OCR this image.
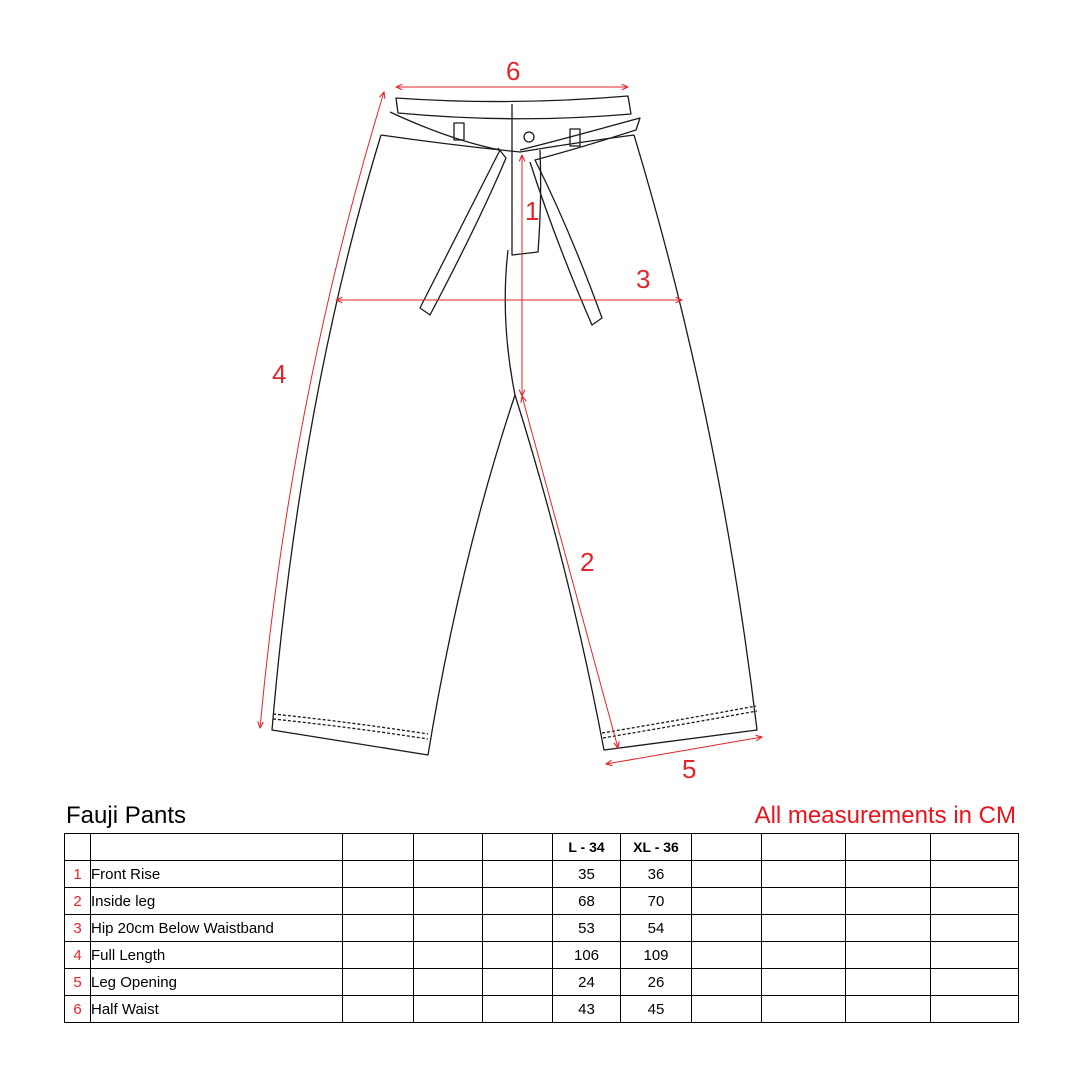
6
1
3
4
2
5
Fauji Pants	All measurements in CM
					L - 34	XL - 36				
1	Front Rise				35	36				
2	Inside leg				68	70				
3	Hip 20cm Below Waistband				53	54				
4	Full Length				106	109				
5	Leg Opening				24	26				
6	Half Waist				43	45				
